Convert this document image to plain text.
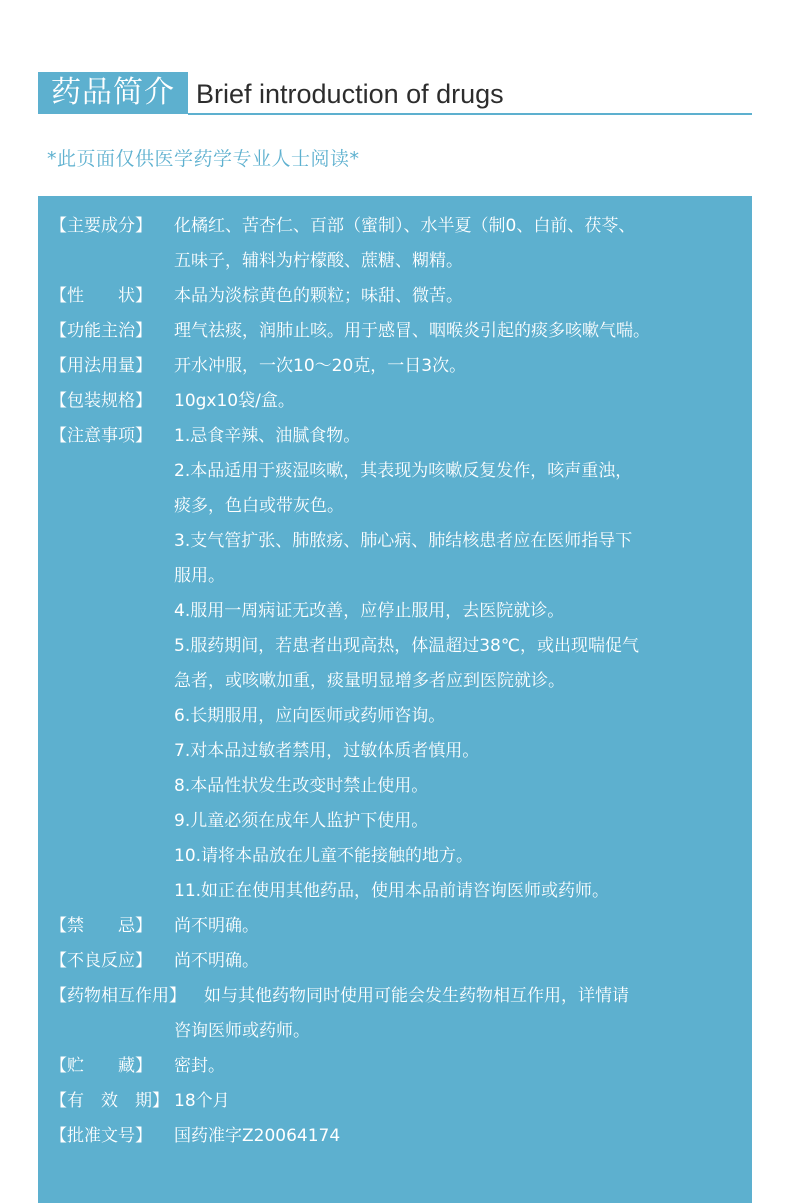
药品简介 Brief introduction of drugs
*此页面仅供医学药学专业人士阅读*
【主要成分】	化橘红、苦杏仁、百部（蜜制）、水半夏（制0、白前、茯苓、
五味子，辅料为柠檬酸、蔗糖、糊精。
【性　　状】	本品为淡棕黄色的颗粒；味甜、微苦。
【功能主治】	理气祛痰，润肺止咳。用于感冒、咽喉炎引起的痰多咳嗽气喘。
【用法用量】	开水冲服，一次10～20克，一日3次。
【包装规格】	10gx10袋/盒。
【注意事项】	1.忌食辛辣、油腻食物。
2.本品适用于痰湿咳嗽，其表现为咳嗽反复发作，咳声重浊，
痰多，色白或带灰色。
3.支气管扩张、肺脓疡、肺心病、肺结核患者应在医师指导下
服用。
4.服用一周病证无改善，应停止服用，去医院就诊。
5.服药期间，若患者出现高热，体温超过38℃，或出现喘促气
急者，或咳嗽加重，痰量明显增多者应到医院就诊。
6.长期服用，应向医师或药师咨询。
7.对本品过敏者禁用，过敏体质者慎用。
8.本品性状发生改变时禁止使用。
9.儿童必须在成年人监护下使用。
10.请将本品放在儿童不能接触的地方。
11.如正在使用其他药品，使用本品前请咨询医师或药师。
【禁　　忌】	尚不明确。
【不良反应】	尚不明确。
【药物相互作用】	如与其他药物同时使用可能会发生药物相互作用，详情请
咨询医师或药师。
【贮　　藏】	密封。
【有　效　期】 18个月
【批准文号】	国药准字Z20064174
